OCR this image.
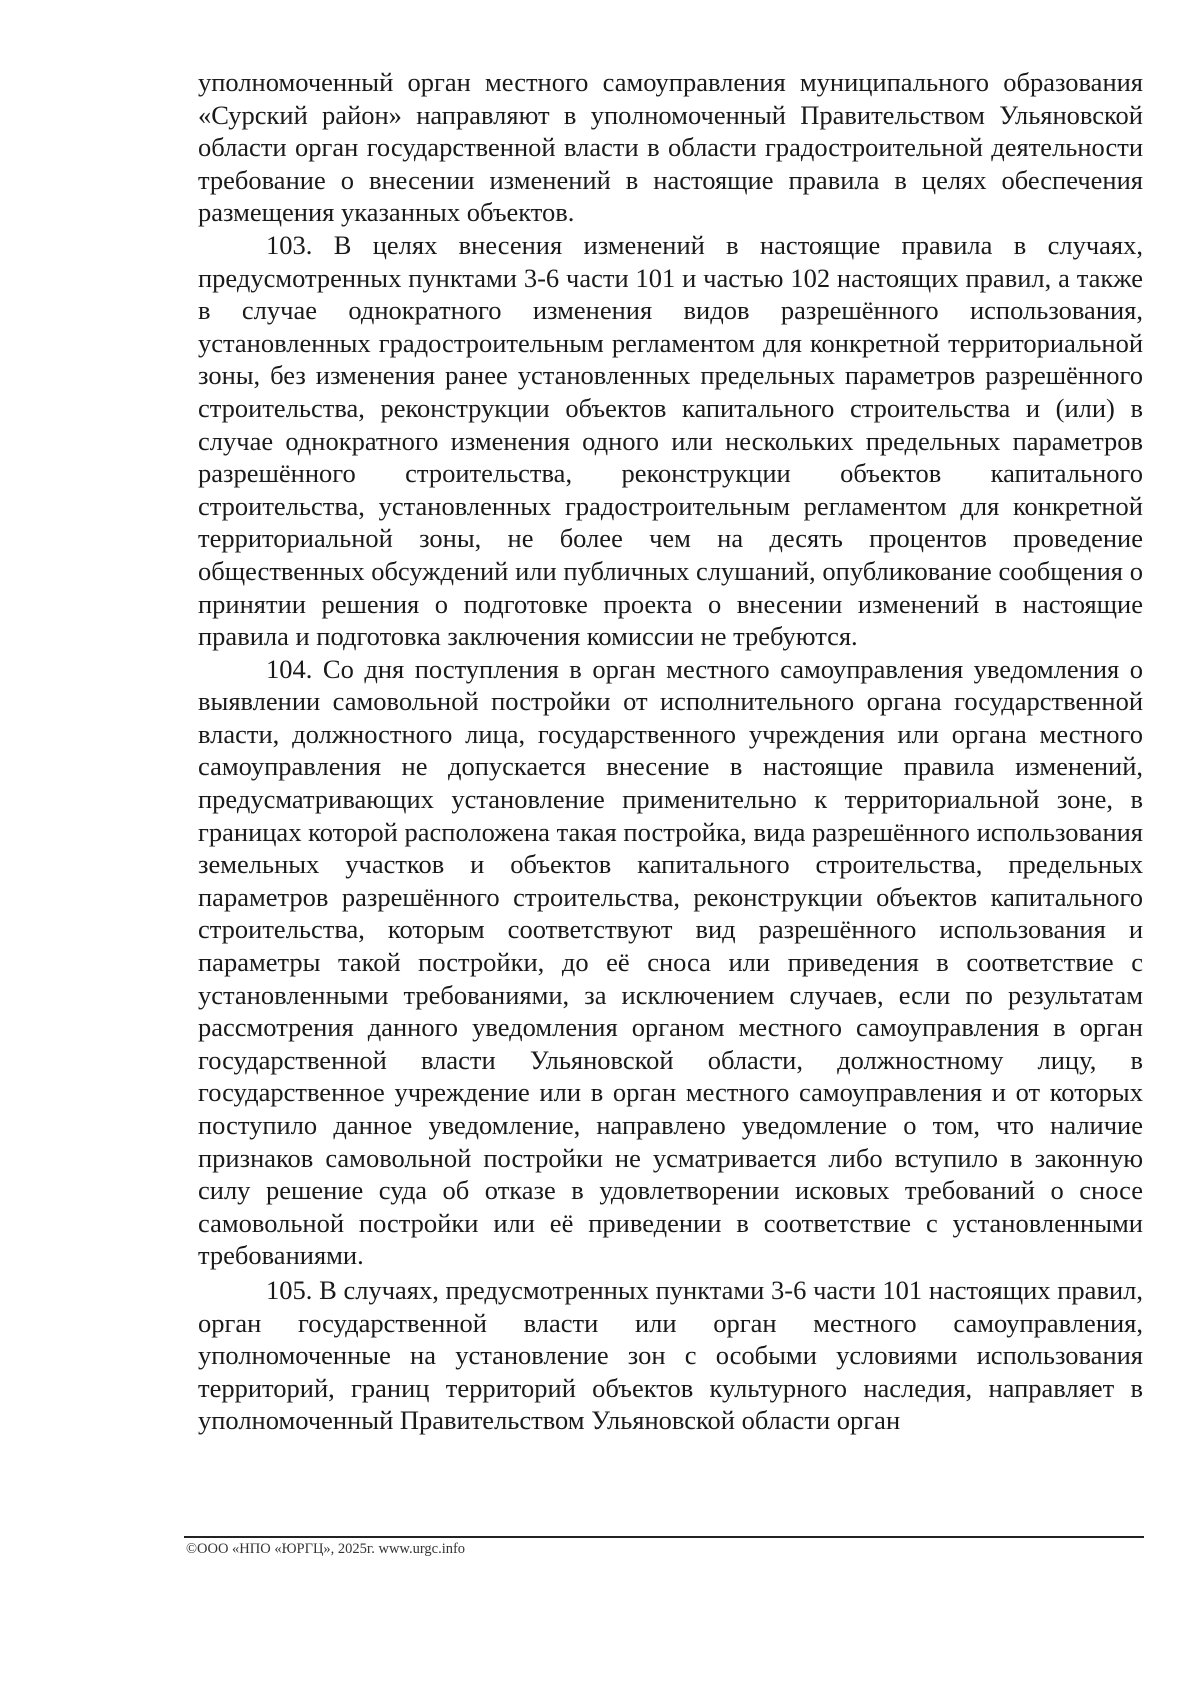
уполномоченный орган местного самоуправления муниципального образования «Сурский район» направляют в уполномоченный Правительством Ульяновской области орган государственной власти в области градостроительной деятельности требование о внесении изменений в настоящие правила в целях обеспечения размещения указанных объектов.

103. В целях внесения изменений в настоящие правила в случаях, предусмотренных пунктами 3-6 части 101 и частью 102 настоящих правил, а также в случае однократного изменения видов разрешённого использования, установленных градостроительным регламентом для конкретной территориальной зоны, без изменения ранее установленных предельных параметров разрешённого строительства, реконструкции объектов капитального строительства и (или) в случае однократного изменения одного или нескольких предельных параметров разрешённого строительства, реконструкции объектов капитального строительства, установленных градостроительным регламентом для конкретной территориальной зоны, не более чем на десять процентов проведение общественных обсуждений или публичных слушаний, опубликование сообщения о принятии решения о подготовке проекта о внесении изменений в настоящие правила и подготовка заключения комиссии не требуются.

104. Со дня поступления в орган местного самоуправления уведомления о выявлении самовольной постройки от исполнительного органа государственной власти, должностного лица, государственного учреждения или органа местного самоуправления не допускается внесение в настоящие правила изменений, предусматривающих установление применительно к территориальной зоне, в границах которой расположена такая постройка, вида разрешённого использования земельных участков и объектов капитального строительства, предельных параметров разрешённого строительства, реконструкции объектов капитального строительства, которым соответствуют вид разрешённого использования и параметры такой постройки, до её сноса или приведения в соответствие с установленными требованиями, за исключением случаев, если по результатам рассмотрения данного уведомления органом местного самоуправления в орган государственной власти Ульяновской области, должностному лицу, в государственное учреждение или в орган местного самоуправления и от которых поступило данное уведомление, направлено уведомление о том, что наличие признаков самовольной постройки не усматривается либо вступило в законную силу решение суда об отказе в удовлетворении исковых требований о сносе самовольной постройки или её приведении в соответствие с установленными требованиями.

105. В случаях, предусмотренных пунктами 3-6 части 101 настоящих правил, орган государственной власти или орган местного самоуправления, уполномоченные на установление зон с особыми условиями использования территорий, границ территорий объектов культурного наследия, направляет в уполномоченный Правительством Ульяновской области орган

©ООО «НПО «ЮРГЦ», 2025г. www.urgc.info
